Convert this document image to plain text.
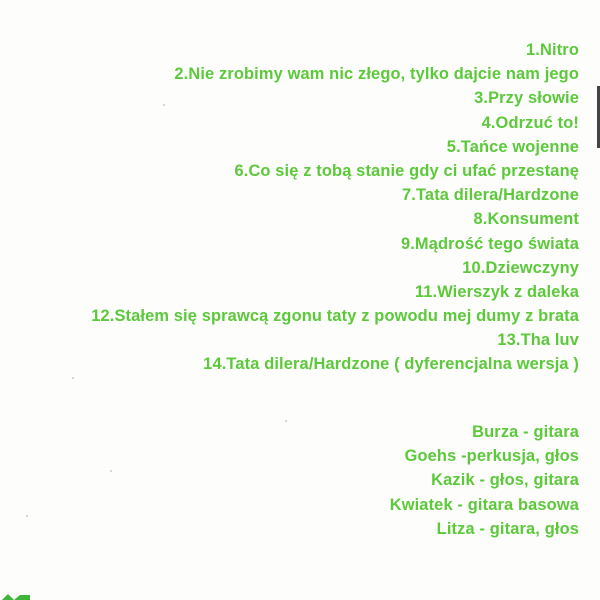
1.Nitro
2.Nie zrobimy wam nic złego, tylko dajcie nam jego
3.Przy słowie
4.Odrzuć to!
5.Tańce wojenne
6.Co się z tobą stanie gdy ci ufać przestanę
7.Tata dilera/Hardzone
8.Konsument
9.Mądrość tego świata
10.Dziewczyny
11.Wierszyk z daleka
12.Stałem się sprawcą zgonu taty z powodu mej dumy z brata
13.Tha luv
14.Tata dilera/Hardzone ( dyferencjalna wersja )
Burza - gitara
Goehs -perkusja, głos
Kazik - głos, gitara
Kwiatek - gitara basowa
Litza - gitara, głos
